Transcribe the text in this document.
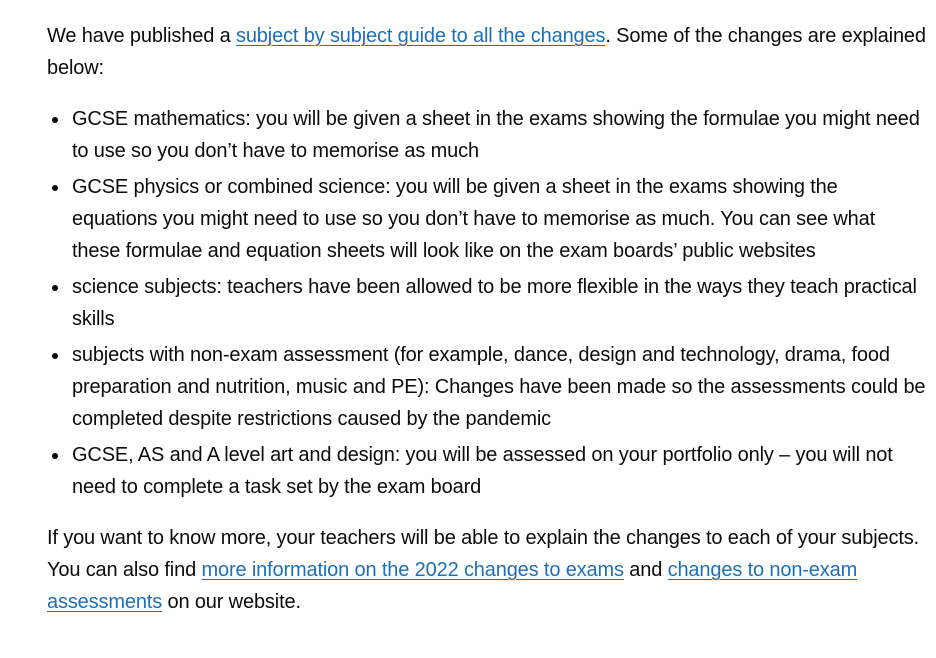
We have published a subject by subject guide to all the changes. Some of the changes are explained below:

GCSE mathematics: you will be given a sheet in the exams showing the formulae you might need to use so you don’t have to memorise as much
GCSE physics or combined science: you will be given a sheet in the exams showing the equations you might need to use so you don’t have to memorise as much. You can see what these formulae and equation sheets will look like on the exam boards’ public websites
science subjects: teachers have been allowed to be more flexible in the ways they teach practical skills
subjects with non-exam assessment (for example, dance, design and technology, drama, food preparation and nutrition, music and PE): Changes have been made so the assessments could be completed despite restrictions caused by the pandemic
GCSE, AS and A level art and design: you will be assessed on your portfolio only – you will not need to complete a task set by the exam board

If you want to know more, your teachers will be able to explain the changes to each of your subjects. You can also find more information on the 2022 changes to exams and changes to non-exam assessments on our website.
